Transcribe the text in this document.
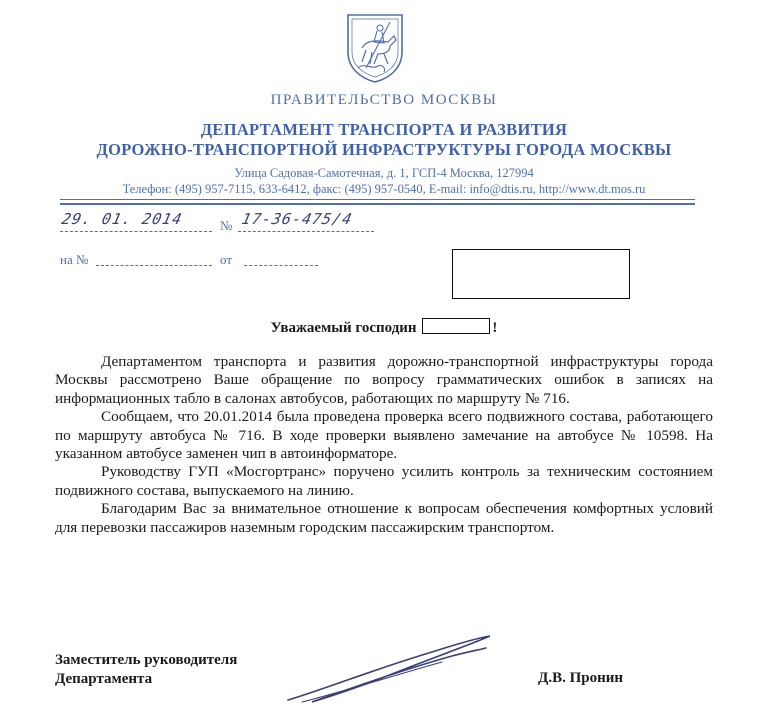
ПРАВИТЕЛЬСТВО МОСКВЫ
ДЕПАРТАМЕНТ ТРАНСПОРТА И РАЗВИТИЯ
ДОРОЖНО-ТРАНСПОРТНОЙ ИНФРАСТРУКТУРЫ ГОРОДА МОСКВЫ
Улица Садовая-Самотечная, д. 1, ГСП-4 Москва, 127994
Телефон: (495) 957-7115, 633-6412, факс: (495) 957-0540, E-mail: info@dtis.ru, http://www.dt.mos.ru
29. 01. 2014	№ 17-36-475/4
на №	от
Уважаемый господин	!

Департаментом транспорта и развития дорожно-транспортной инфраструктуры города Москвы рассмотрено Ваше обращение по вопросу грамматических ошибок в записях на информационных табло в салонах автобусов, работающих по маршруту № 716.

Сообщаем, что 20.01.2014 была проведена проверка всего подвижного состава, работающего по маршруту автобуса № 716. В ходе проверки выявлено замечание на автобусе № 10598. На указанном автобусе заменен чип в автоинформаторе.

Руководству ГУП «Мосгортранс» поручено усилить контроль за техническим состоянием подвижного состава, выпускаемого на линию.

Благодарим Вас за внимательное отношение к вопросам обеспечения комфортных условий для перевозки пассажиров наземным городским пассажирским транспортом.

Заместитель руководителя
Департамента	Д.В. Пронин
